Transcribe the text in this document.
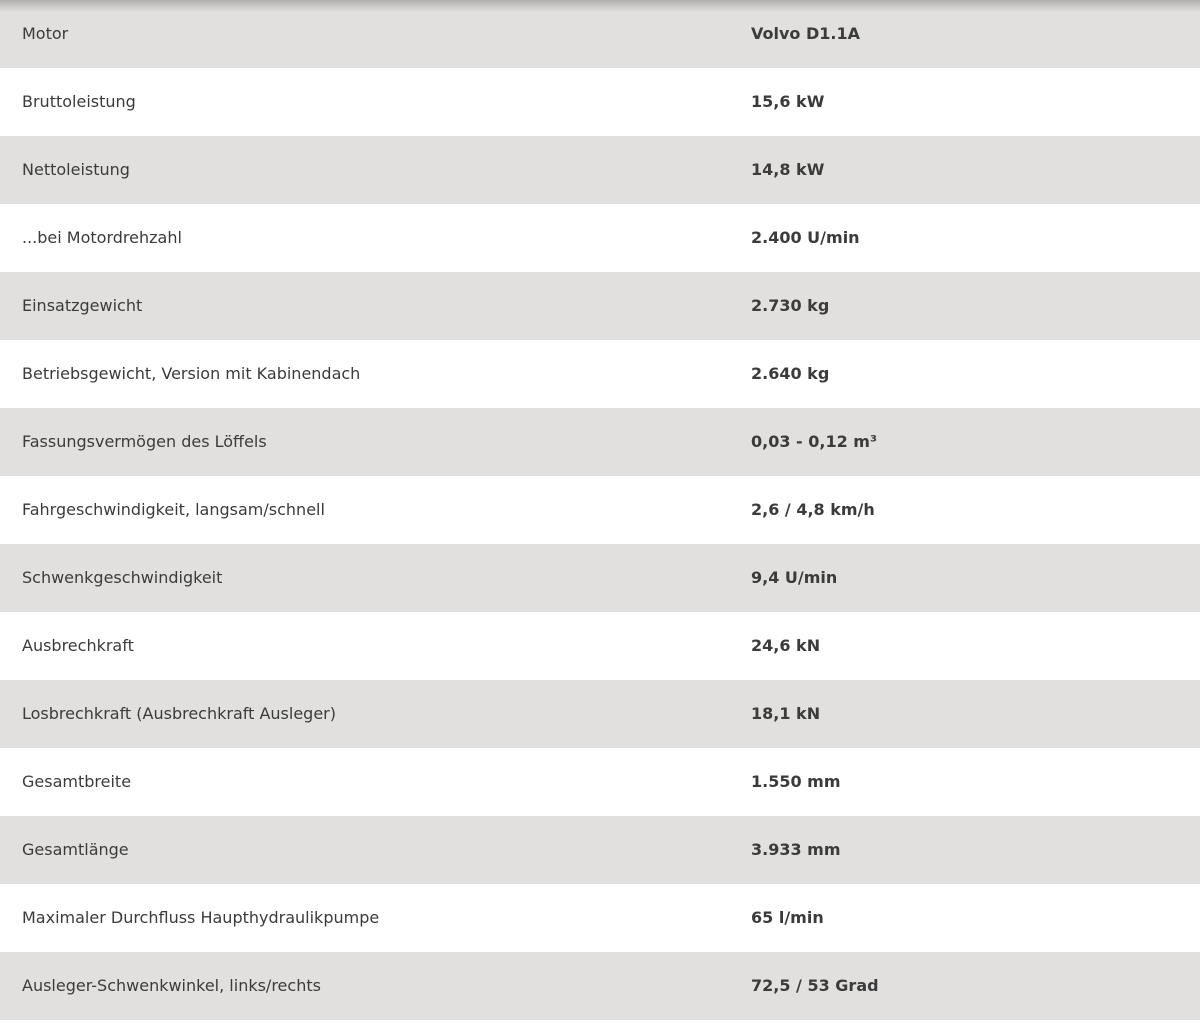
Motor	Volvo D1.1A
Bruttoleistung	15,6 kW
Nettoleistung	14,8 kW
...bei Motordrehzahl	2.400 U/min
Einsatzgewicht	2.730 kg
Betriebsgewicht, Version mit Kabinendach	2.640 kg
Fassungsvermögen des Löffels	0,03 - 0,12 m³
Fahrgeschwindigkeit, langsam/schnell	2,6 / 4,8 km/h
Schwenkgeschwindigkeit	9,4 U/min
Ausbrechkraft	24,6 kN
Losbrechkraft (Ausbrechkraft Ausleger)	18,1 kN
Gesamtbreite	1.550 mm
Gesamtlänge	3.933 mm
Maximaler Durchfluss Haupthydraulikpumpe	65 l/min
Ausleger-Schwenkwinkel, links/rechts	72,5 / 53 Grad
